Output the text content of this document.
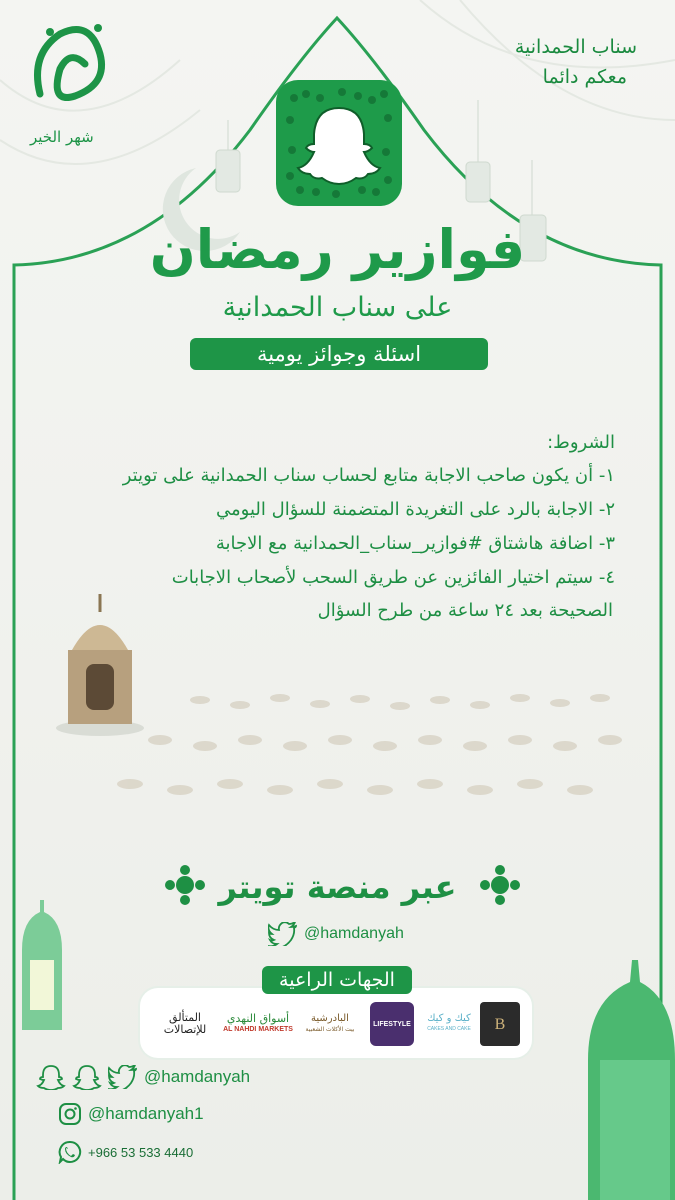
سناب الحمدانية
معكم دائما
شهر الخير
فوازير رمضان
على سناب الحمدانية
اسئلة وجوائز يومية
الشروط:
١- أن يكون صاحب الاجابة متابع لحساب سناب الحمدانية على تويتر
٢- الاجابة بالرد على التغريدة المتضمنة للسؤال اليومي
٣- اضافة هاشتاق #فوازير_سناب_الحمدانية مع الاجابة
٤- سيتم اختيار الفائزين عن طريق السحب لأصحاب الاجابات
الصحيحة بعد ٢٤ ساعة من طرح السؤال
عبر منصة تويتر
@hamdanyah
المتألق للإتصالات
أسواق النهدي
AL NAHDI MARKETS
البادرشية
بيت الأكلات الشعبية
LIFESTYLE كيك و كيك
CAKES AND CAKE B
الجهات الراعية
@hamdanyah
@hamdanyah1
+966 53 533 4440
